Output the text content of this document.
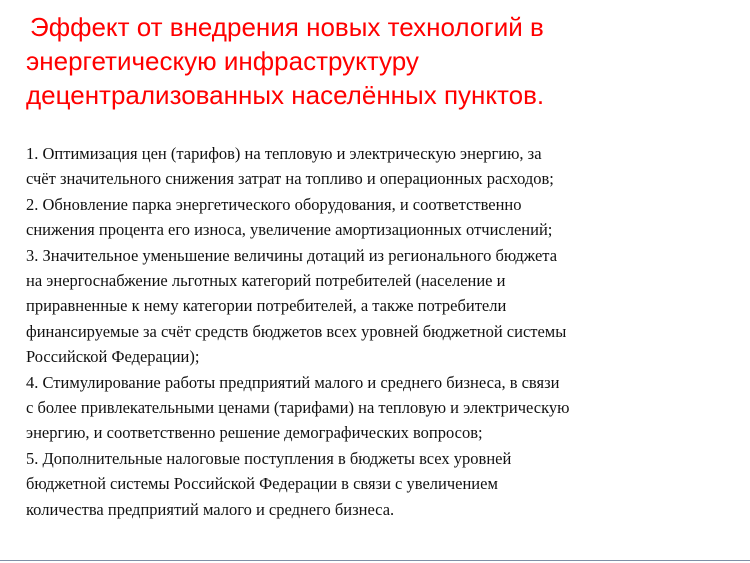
Эффект от внедрения новых технологий в
энергетическую инфраструктуру
децентрализованных населённых пунктов.
1. Оптимизация цен (тарифов) на тепловую и электрическую энергию, за
счёт значительного снижения затрат на топливо и операционных расходов;
2. Обновление парка энергетического оборудования, и соответственно
снижения процента его износа, увеличение амортизационных отчислений;
3. Значительное уменьшение величины дотаций из регионального бюджета
на энергоснабжение льготных категорий потребителей (население и
приравненные к нему категории потребителей, а также потребители
финансируемые за счёт средств бюджетов всех уровней бюджетной системы
Российской Федерации);
4. Стимулирование работы предприятий малого и среднего бизнеса, в связи
с более привлекательными ценами (тарифами) на тепловую и электрическую
энергию, и соответственно решение демографических вопросов;
5. Дополнительные налоговые поступления в бюджеты всех уровней
бюджетной системы Российской Федерации в связи с увеличением
количества предприятий малого и среднего бизнеса.
